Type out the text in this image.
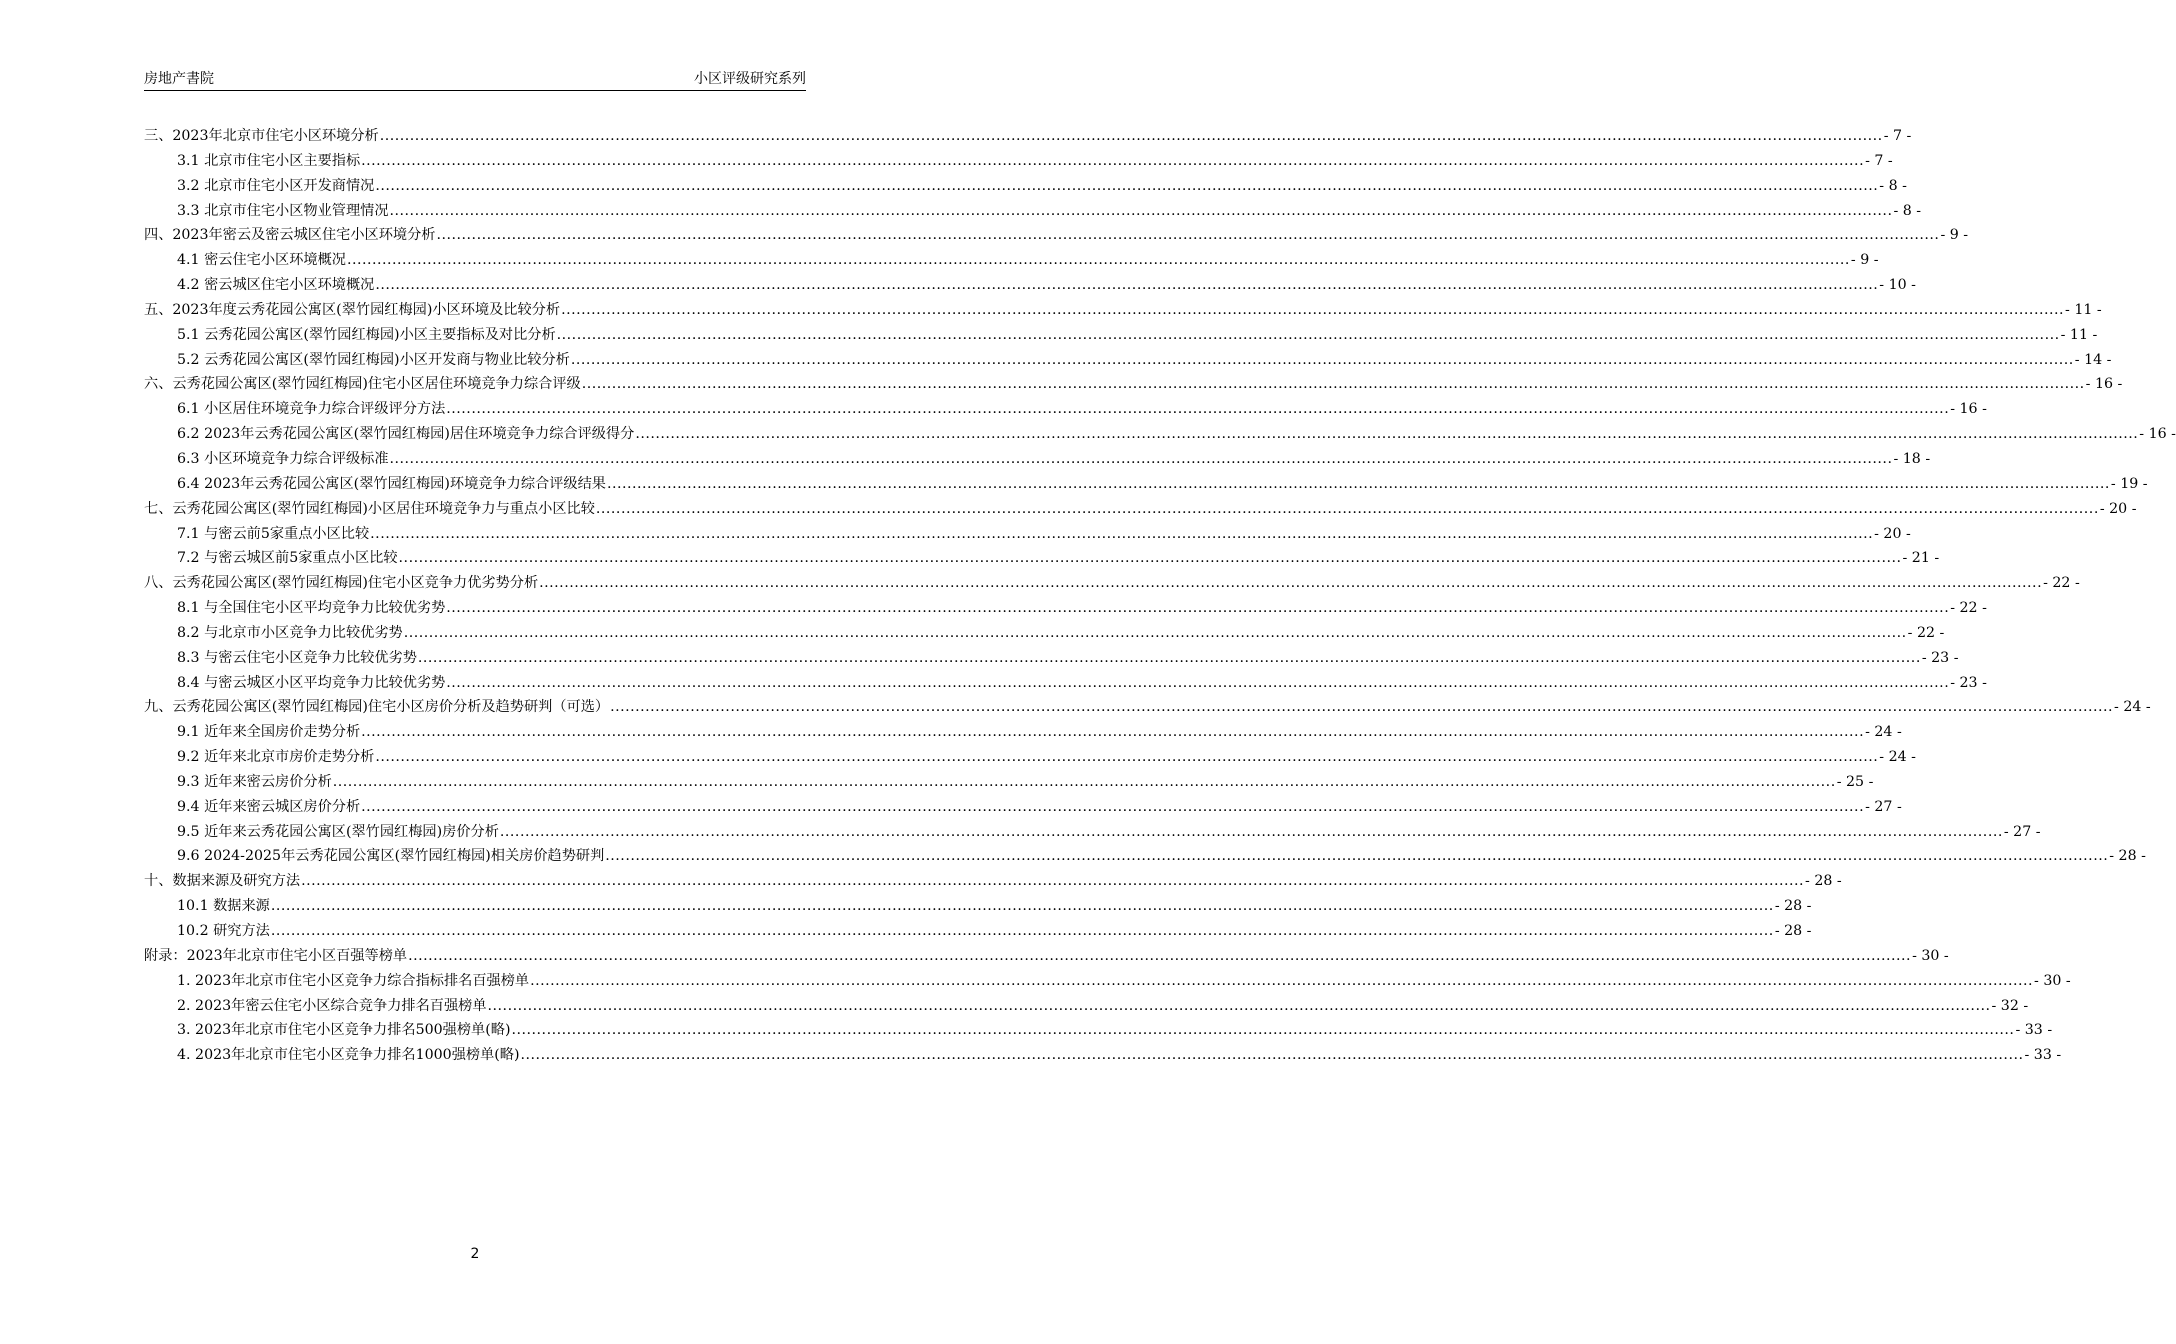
房地产書院	小区评级研究系列
三、2023年北京市住宅小区环境分析 ............................................................................................................................................................................................................................................................................................................ - 7 -
3.1 北京市住宅小区主要指标 ............................................................................................................................................................................................................................................................................................................ - 7 -
3.2 北京市住宅小区开发商情况 ............................................................................................................................................................................................................................................................................................................ - 8 -
3.3 北京市住宅小区物业管理情况 ............................................................................................................................................................................................................................................................................................................ - 8 -
四、2023年密云及密云城区住宅小区环境分析 ............................................................................................................................................................................................................................................................................................................ - 9 -
4.1 密云住宅小区环境概况 ............................................................................................................................................................................................................................................................................................................ - 9 -
4.2 密云城区住宅小区环境概况 ............................................................................................................................................................................................................................................................................................................ - 10 -
五、2023年度云秀花园公寓区(翠竹园红梅园)小区环境及比较分析 ............................................................................................................................................................................................................................................................................................................ - 11 -
5.1 云秀花园公寓区(翠竹园红梅园)小区主要指标及对比分析 ............................................................................................................................................................................................................................................................................................................ - 11 -
5.2 云秀花园公寓区(翠竹园红梅园)小区开发商与物业比较分析 ............................................................................................................................................................................................................................................................................................................ - 14 -
六、云秀花园公寓区(翠竹园红梅园)住宅小区居住环境竞争力综合评级 ............................................................................................................................................................................................................................................................................................................ - 16 -
6.1 小区居住环境竞争力综合评级评分方法 ............................................................................................................................................................................................................................................................................................................ - 16 -
6.2 2023年云秀花园公寓区(翠竹园红梅园)居住环境竞争力综合评级得分 ............................................................................................................................................................................................................................................................................................................ - 16 -
6.3 小区环境竞争力综合评级标准 ............................................................................................................................................................................................................................................................................................................ - 18 -
6.4 2023年云秀花园公寓区(翠竹园红梅园)环境竞争力综合评级结果 ............................................................................................................................................................................................................................................................................................................ - 19 -
七、云秀花园公寓区(翠竹园红梅园)小区居住环境竞争力与重点小区比较 ............................................................................................................................................................................................................................................................................................................ - 20 -
7.1 与密云前5家重点小区比较 ............................................................................................................................................................................................................................................................................................................ - 20 -
7.2 与密云城区前5家重点小区比较 ............................................................................................................................................................................................................................................................................................................ - 21 -
八、云秀花园公寓区(翠竹园红梅园)住宅小区竞争力优劣势分析 ............................................................................................................................................................................................................................................................................................................ - 22 -
8.1 与全国住宅小区平均竞争力比较优劣势 ............................................................................................................................................................................................................................................................................................................ - 22 -
8.2 与北京市小区竞争力比较优劣势 ............................................................................................................................................................................................................................................................................................................ - 22 -
8.3 与密云住宅小区竞争力比较优劣势 ............................................................................................................................................................................................................................................................................................................ - 23 -
8.4 与密云城区小区平均竞争力比较优劣势 ............................................................................................................................................................................................................................................................................................................ - 23 -
九、云秀花园公寓区(翠竹园红梅园)住宅小区房价分析及趋势研判（可选） ............................................................................................................................................................................................................................................................................................................ - 24 -
9.1 近年来全国房价走势分析 ............................................................................................................................................................................................................................................................................................................ - 24 -
9.2 近年来北京市房价走势分析 ............................................................................................................................................................................................................................................................................................................ - 24 -
9.3 近年来密云房价分析 ............................................................................................................................................................................................................................................................................................................ - 25 -
9.4 近年来密云城区房价分析 ............................................................................................................................................................................................................................................................................................................ - 27 -
9.5 近年来云秀花园公寓区(翠竹园红梅园)房价分析 ............................................................................................................................................................................................................................................................................................................ - 27 -
9.6 2024-2025年云秀花园公寓区(翠竹园红梅园)相关房价趋势研判 ............................................................................................................................................................................................................................................................................................................ - 28 -
十、数据来源及研究方法 ............................................................................................................................................................................................................................................................................................................ - 28 -
10.1 数据来源 ............................................................................................................................................................................................................................................................................................................ - 28 -
10.2 研究方法 ............................................................................................................................................................................................................................................................................................................ - 28 -
附录：2023年北京市住宅小区百强等榜单 ............................................................................................................................................................................................................................................................................................................ - 30 -
1. 2023年北京市住宅小区竞争力综合指标排名百强榜单 ............................................................................................................................................................................................................................................................................................................ - 30 -
2. 2023年密云住宅小区综合竞争力排名百强榜单 ............................................................................................................................................................................................................................................................................................................ - 32 -
3. 2023年北京市住宅小区竞争力排名500强榜单(略) ............................................................................................................................................................................................................................................................................................................ - 33 -
4. 2023年北京市住宅小区竞争力排名1000强榜单(略) ............................................................................................................................................................................................................................................................................................................ - 33 -
2
